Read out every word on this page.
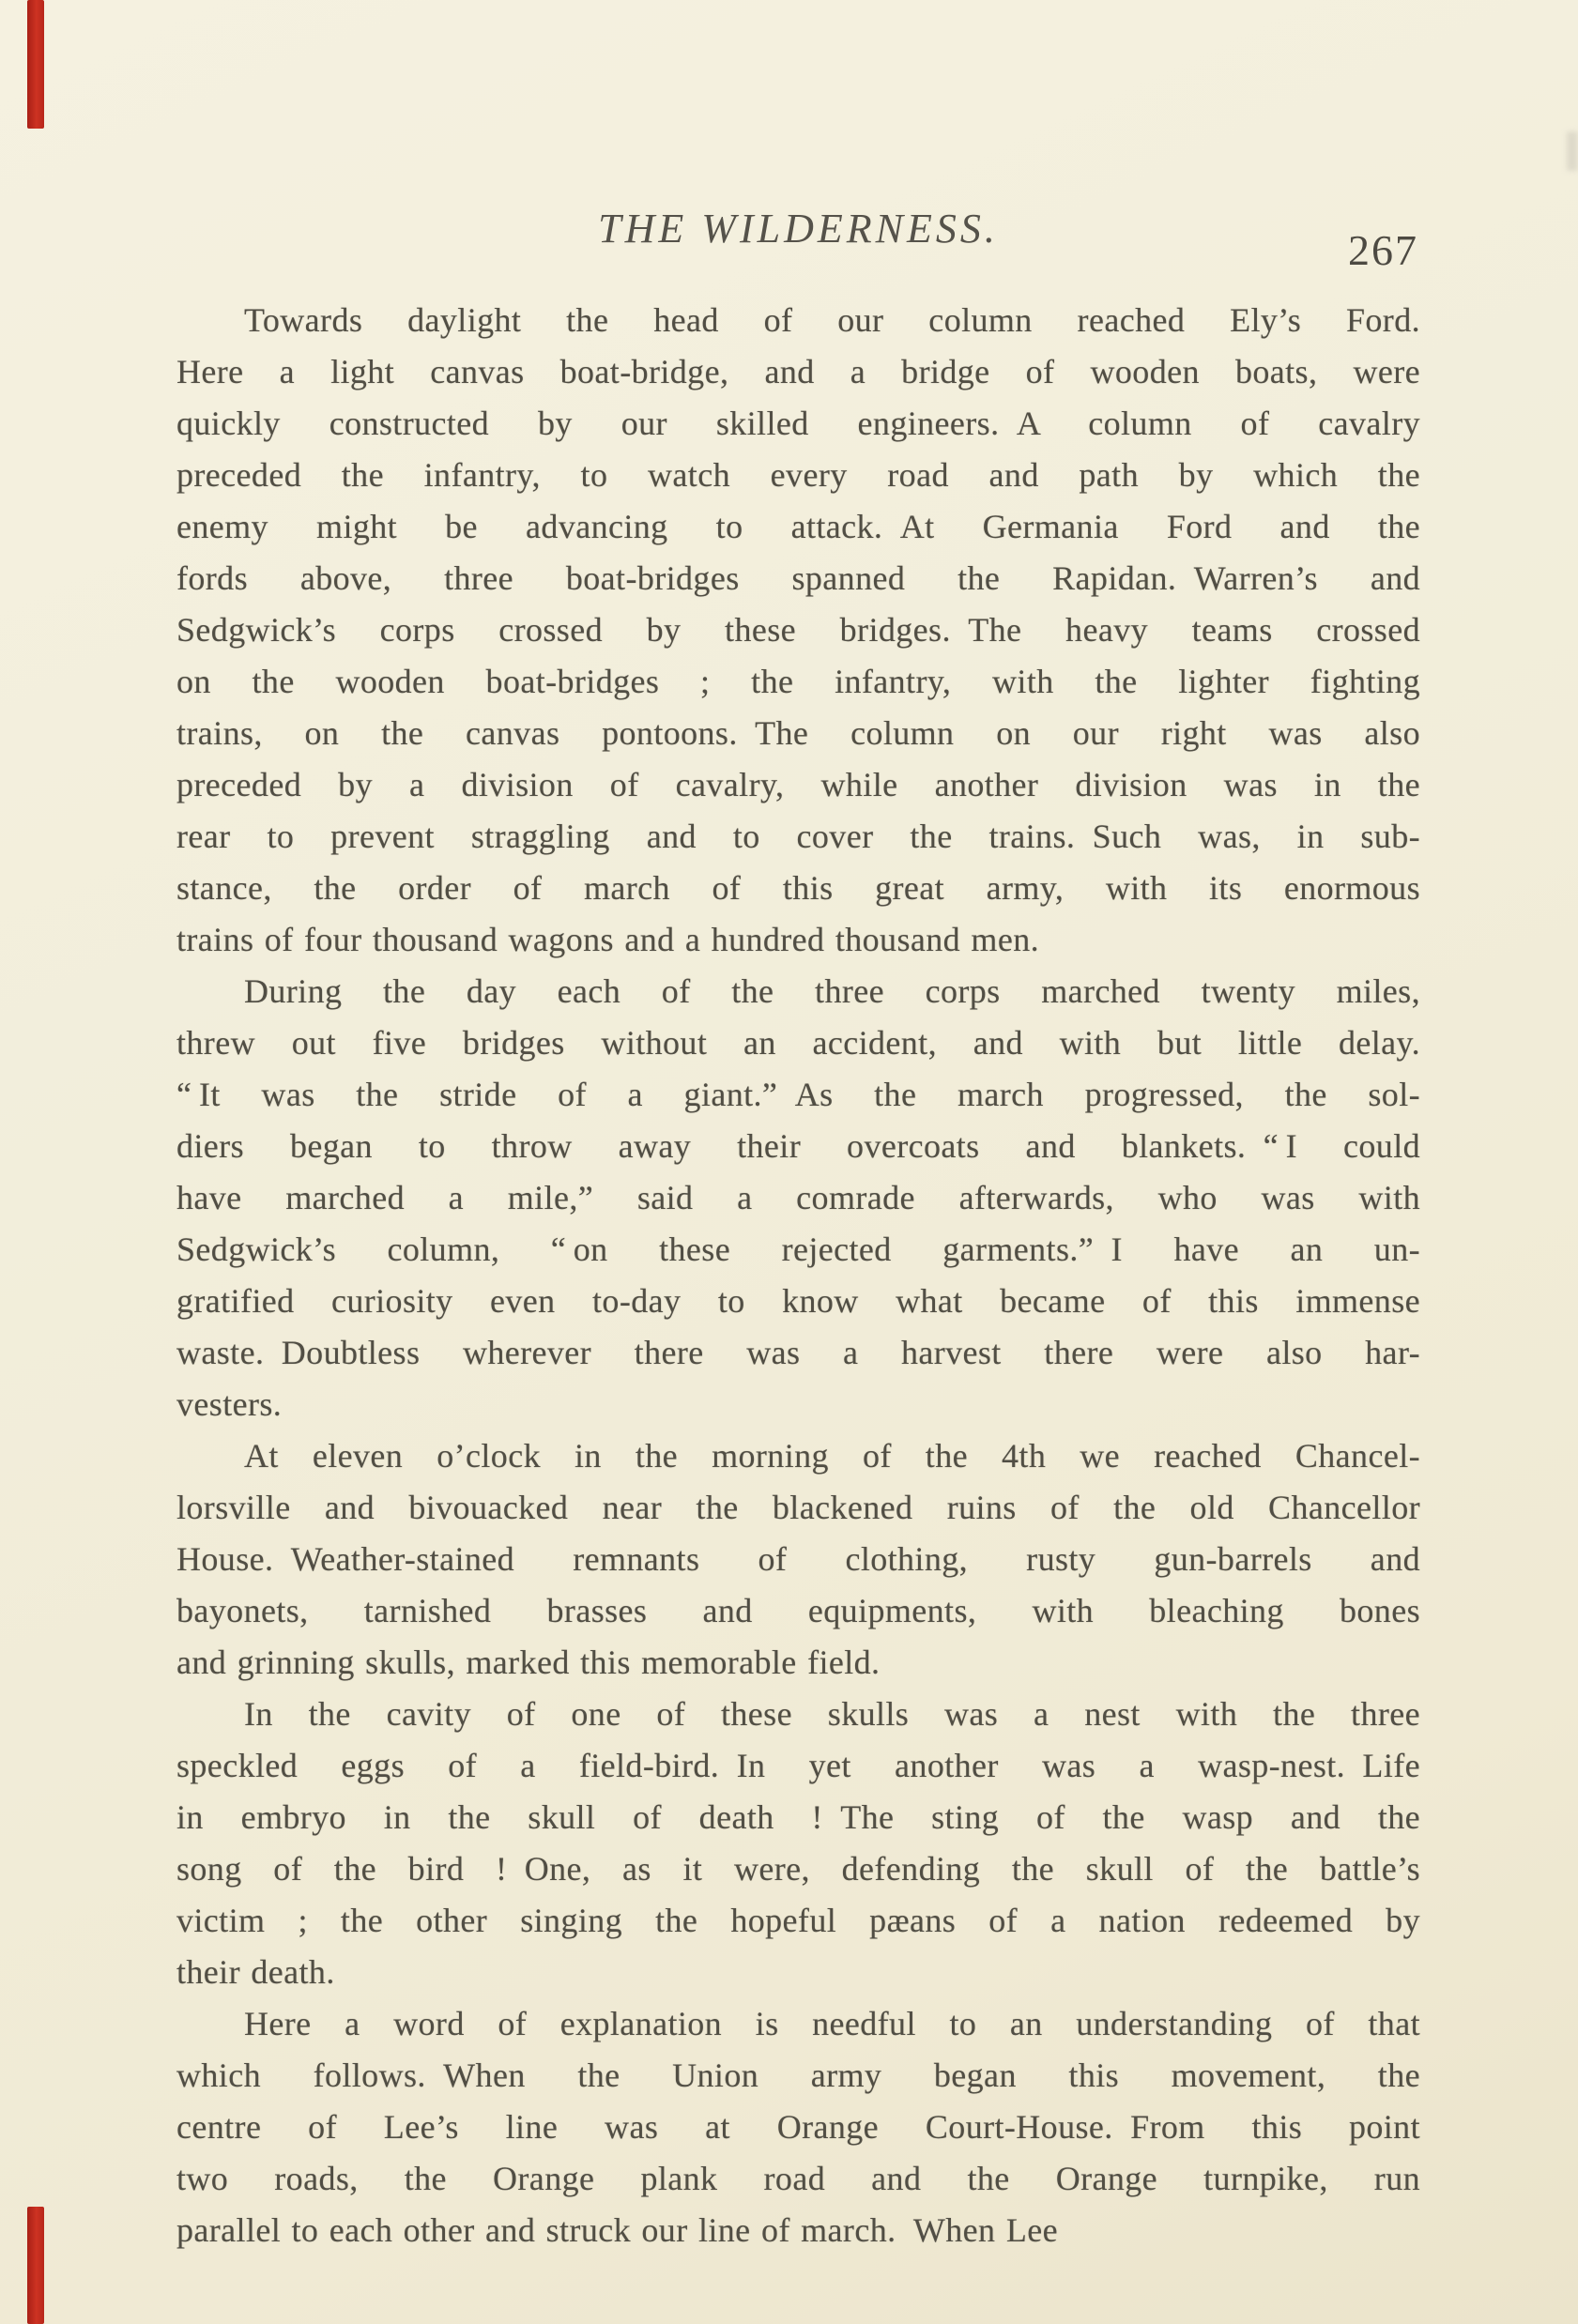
THE WILDERNESS.	267
Towards daylight the head of our column reached Ely’s Ford.
Here a light canvas boat-bridge, and a bridge of wooden boats, were
quickly constructed by our skilled engineers. A column of cavalry
preceded the infantry, to watch every road and path by which the
enemy might be advancing to attack. At Germania Ford and the
fords above, three boat-bridges spanned the Rapidan. Warren’s and
Sedgwick’s corps crossed by these bridges. The heavy teams crossed
on the wooden boat-bridges ; the infantry, with the lighter fighting
trains, on the canvas pontoons. The column on our right was also
preceded by a division of cavalry, while another division was in the
rear to prevent straggling and to cover the trains. Such was, in sub-
stance, the order of march of this great army, with its enormous
trains of four thousand wagons and a hundred thousand men.
During the day each of the three corps marched twenty miles,
threw out five bridges without an accident, and with but little delay.
“ It was the stride of a giant.” As the march progressed, the sol-
diers began to throw away their overcoats and blankets. “ I could
have marched a mile,” said a comrade afterwards, who was with
Sedgwick’s column, “ on these rejected garments.” I have an un-
gratified curiosity even to-day to know what became of this immense
waste. Doubtless wherever there was a harvest there were also har-
vesters.
At eleven o’clock in the morning of the 4th we reached Chancel-
lorsville and bivouacked near the blackened ruins of the old Chancellor
House. Weather-stained remnants of clothing, rusty gun-barrels and
bayonets, tarnished brasses and equipments, with bleaching bones
and grinning skulls, marked this memorable field.
In the cavity of one of these skulls was a nest with the three
speckled eggs of a field-bird. In yet another was a wasp-nest. Life
in embryo in the skull of death ! The sting of the wasp and the
song of the bird ! One, as it were, defending the skull of the battle’s
victim ; the other singing the hopeful pæans of a nation redeemed by
their death.
Here a word of explanation is needful to an understanding of that
which follows. When the Union army began this movement, the
centre of Lee’s line was at Orange Court-House. From this point
two roads, the Orange plank road and the Orange turnpike, run
parallel to each other and struck our line of march. When Lee
